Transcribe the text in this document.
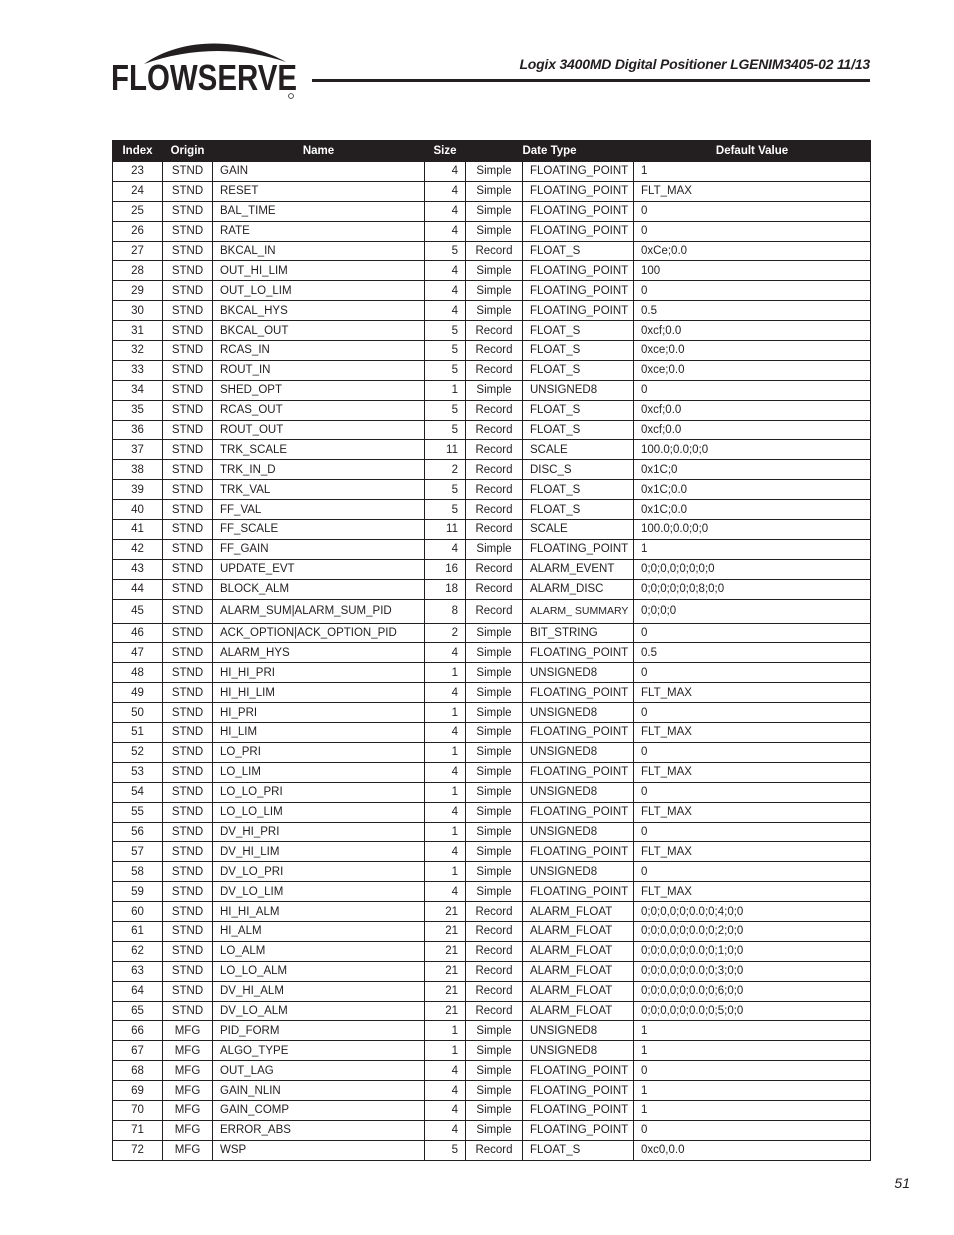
FLOWSERVE	Logix 3400MD Digital Positioner LGENIM3405-02 11/13
Index	Origin	Name	Size	Date Type		Default Value
23	STND	GAIN	4	Simple	FLOATING_POINT	1
24	STND	RESET	4	Simple	FLOATING_POINT	FLT_MAX
25	STND	BAL_TIME	4	Simple	FLOATING_POINT	0
26	STND	RATE	4	Simple	FLOATING_POINT	0
27	STND	BKCAL_IN	5	Record	FLOAT_S	0xCe;0.0
28	STND	OUT_HI_LIM	4	Simple	FLOATING_POINT	100
29	STND	OUT_LO_LIM	4	Simple	FLOATING_POINT	0
30	STND	BKCAL_HYS	4	Simple	FLOATING_POINT	0.5
31	STND	BKCAL_OUT	5	Record	FLOAT_S	0xcf;0.0
32	STND	RCAS_IN	5	Record	FLOAT_S	0xce;0.0
33	STND	ROUT_IN	5	Record	FLOAT_S	0xce;0.0
34	STND	SHED_OPT	1	Simple	UNSIGNED8	0
35	STND	RCAS_OUT	5	Record	FLOAT_S	0xcf;0.0
36	STND	ROUT_OUT	5	Record	FLOAT_S	0xcf;0.0
37	STND	TRK_SCALE	11	Record	SCALE	100.0;0.0;0;0
38	STND	TRK_IN_D	2	Record	DISC_S	0x1C;0
39	STND	TRK_VAL	5	Record	FLOAT_S	0x1C;0.0
40	STND	FF_VAL	5	Record	FLOAT_S	0x1C;0.0
41	STND	FF_SCALE	11	Record	SCALE	100.0;0.0;0;0
42	STND	FF_GAIN	4	Simple	FLOATING_POINT	1
43	STND	UPDATE_EVT	16	Record	ALARM_EVENT	0;0;0,0;0;0;0;0
44	STND	BLOCK_ALM	18	Record	ALARM_DISC	0;0;0;0;0;0;8;0;0
45	STND	ALARM_SUM|ALARM_SUM_PID	8	Record	ALARM_ SUMMARY	0;0;0;0
46	STND	ACK_OPTION|ACK_OPTION_PID	2	Simple	BIT_STRING	0
47	STND	ALARM_HYS	4	Simple	FLOATING_POINT	0.5
48	STND	HI_HI_PRI	1	Simple	UNSIGNED8	0
49	STND	HI_HI_LIM	4	Simple	FLOATING_POINT	FLT_MAX
50	STND	HI_PRI	1	Simple	UNSIGNED8	0
51	STND	HI_LIM	4	Simple	FLOATING_POINT	FLT_MAX
52	STND	LO_PRI	1	Simple	UNSIGNED8	0
53	STND	LO_LIM	4	Simple	FLOATING_POINT	FLT_MAX
54	STND	LO_LO_PRI	1	Simple	UNSIGNED8	0
55	STND	LO_LO_LIM	4	Simple	FLOATING_POINT	FLT_MAX
56	STND	DV_HI_PRI	1	Simple	UNSIGNED8	0
57	STND	DV_HI_LIM	4	Simple	FLOATING_POINT	FLT_MAX
58	STND	DV_LO_PRI	1	Simple	UNSIGNED8	0
59	STND	DV_LO_LIM	4	Simple	FLOATING_POINT	FLT_MAX
60	STND	HI_HI_ALM	21	Record	ALARM_FLOAT	0;0;0,0;0;0.0;0;4;0;0
61	STND	HI_ALM	21	Record	ALARM_FLOAT	0;0;0,0;0;0.0;0;2;0;0
62	STND	LO_ALM	21	Record	ALARM_FLOAT	0;0;0,0;0;0.0;0;1;0;0
63	STND	LO_LO_ALM	21	Record	ALARM_FLOAT	0;0;0,0;0;0.0;0;3;0;0
64	STND	DV_HI_ALM	21	Record	ALARM_FLOAT	0;0;0,0;0;0.0;0;6;0;0
65	STND	DV_LO_ALM	21	Record	ALARM_FLOAT	0;0;0,0;0;0.0;0;5;0;0
66	MFG	PID_FORM	1	Simple	UNSIGNED8	1
67	MFG	ALGO_TYPE	1	Simple	UNSIGNED8	1
68	MFG	OUT_LAG	4	Simple	FLOATING_POINT	0
69	MFG	GAIN_NLIN	4	Simple	FLOATING_POINT	1
70	MFG	GAIN_COMP	4	Simple	FLOATING_POINT	1
71	MFG	ERROR_ABS	4	Simple	FLOATING_POINT	0
72	MFG	WSP	5	Record	FLOAT_S	0xc0,0.0
51
